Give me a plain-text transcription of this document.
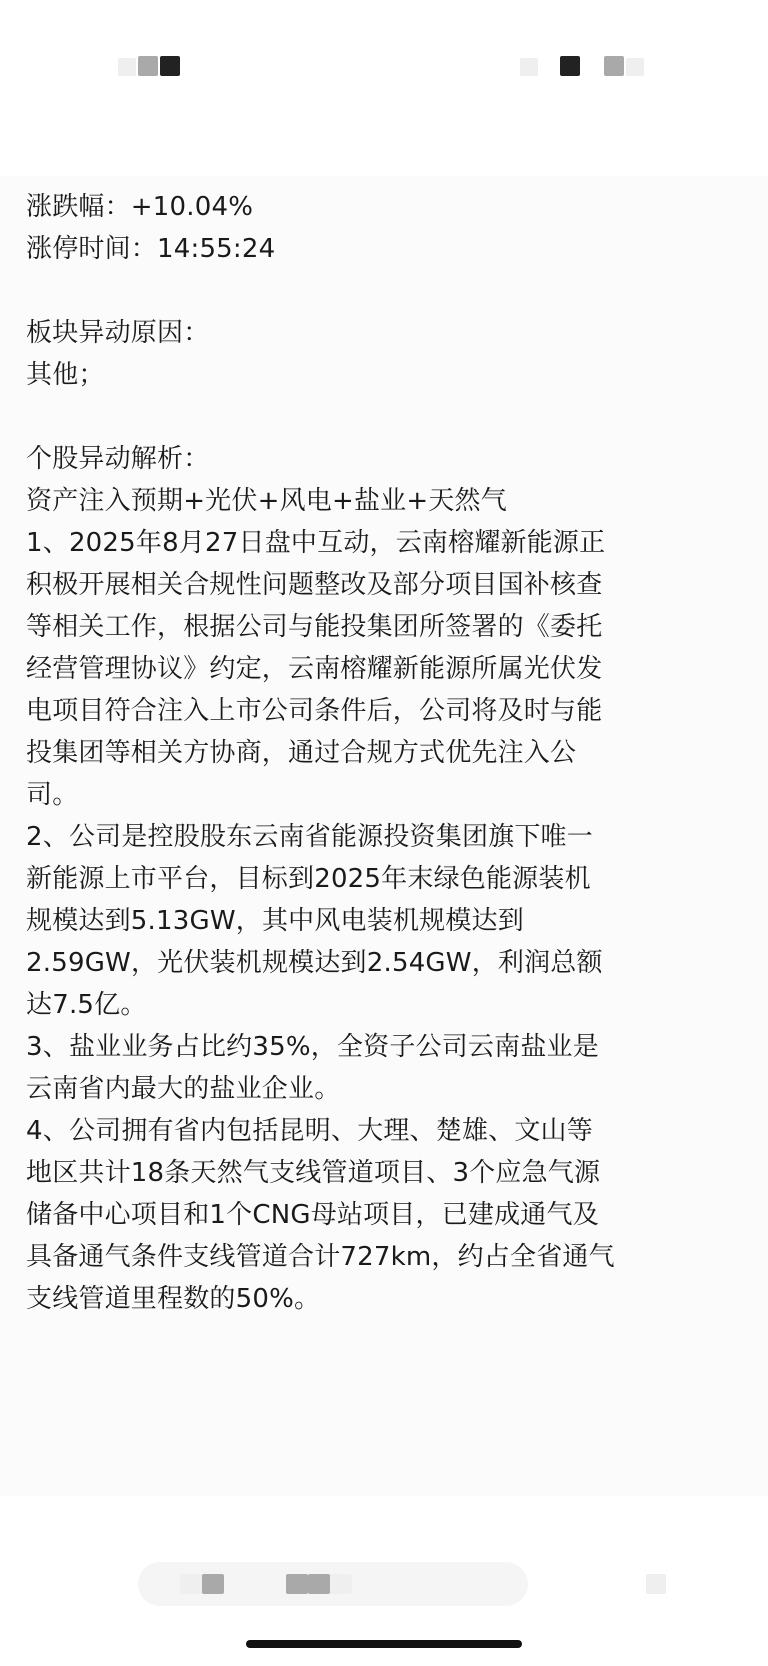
涨跌幅：+10.04%
涨停时间：14:55:24
板块异动原因：
其他；
个股异动解析：
资产注入预期+光伏+风电+盐业+天然气
1、2025年8月27日盘中互动，云南榕耀新能源正
积极开展相关合规性问题整改及部分项目国补核查
等相关工作，根据公司与能投集团所签署的《委托
经营管理协议》约定，云南榕耀新能源所属光伏发
电项目符合注入上市公司条件后，公司将及时与能
投集团等相关方协商，通过合规方式优先注入公
司。
2、公司是控股股东云南省能源投资集团旗下唯一
新能源上市平台，目标到2025年末绿色能源装机
规模达到5.13GW，其中风电装机规模达到
2.59GW，光伏装机规模达到2.54GW，利润总额
达7.5亿。
3、盐业业务占比约35%，全资子公司云南盐业是
云南省内最大的盐业企业。
4、公司拥有省内包括昆明、大理、楚雄、文山等
地区共计18条天然气支线管道项目、3个应急气源
储备中心项目和1个CNG母站项目，已建成通气及
具备通气条件支线管道合计727km，约占全省通气
支线管道里程数的50%。
